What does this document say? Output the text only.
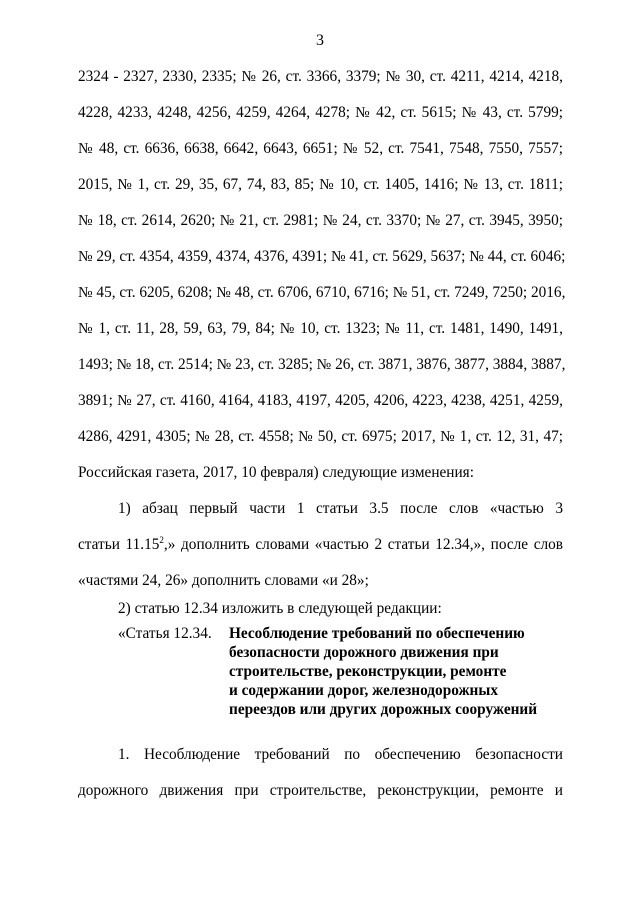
3
2324 - 2327, 2330, 2335; № 26, ст. 3366, 3379; № 30, ст. 4211, 4214, 4218,
4228, 4233, 4248, 4256, 4259, 4264, 4278; № 42, ст. 5615; № 43, ст. 5799;
№ 48, ст. 6636, 6638, 6642, 6643, 6651; № 52, ст. 7541, 7548, 7550, 7557;
2015, № 1, ст. 29, 35, 67, 74, 83, 85; № 10, ст. 1405, 1416; № 13, ст. 1811;
№ 18, ст. 2614, 2620; № 21, ст. 2981; № 24, ст. 3370; № 27, ст. 3945, 3950;
№ 29, ст. 4354, 4359, 4374, 4376, 4391; № 41, ст. 5629, 5637; № 44, ст. 6046;
№ 45, ст. 6205, 6208; № 48, ст. 6706, 6710, 6716; № 51, ст. 7249, 7250; 2016,
№ 1, ст. 11, 28, 59, 63, 79, 84; № 10, ст. 1323; № 11, ст. 1481, 1490, 1491,
1493; № 18, ст. 2514; № 23, ст. 3285; № 26, ст. 3871, 3876, 3877, 3884, 3887,
3891; № 27, ст. 4160, 4164, 4183, 4197, 4205, 4206, 4223, 4238, 4251, 4259,
4286, 4291, 4305; № 28, ст. 4558; № 50, ст. 6975; 2017, № 1, ст. 12, 31, 47;
Российская газета, 2017, 10 февраля) следующие изменения:
1) абзац первый части 1 статьи 3.5 после слов «частью 3
статьи 11.15$^2$,» дополнить словами «частью 2 статьи 12.34,», после слов
«частями 24, 26» дополнить словами «и 28»;
2) статью 12.34 изложить в следующей редакции:
«Статья 12.34. Несоблюдение требований по обеспечению
безопасности дорожного движения при
строительстве, реконструкции, ремонте
и содержании дорог, железнодорожных
переездов или других дорожных сооружений
1. Несоблюдение требований по обеспечению безопасности
дорожного движения при строительстве, реконструкции, ремонте и
